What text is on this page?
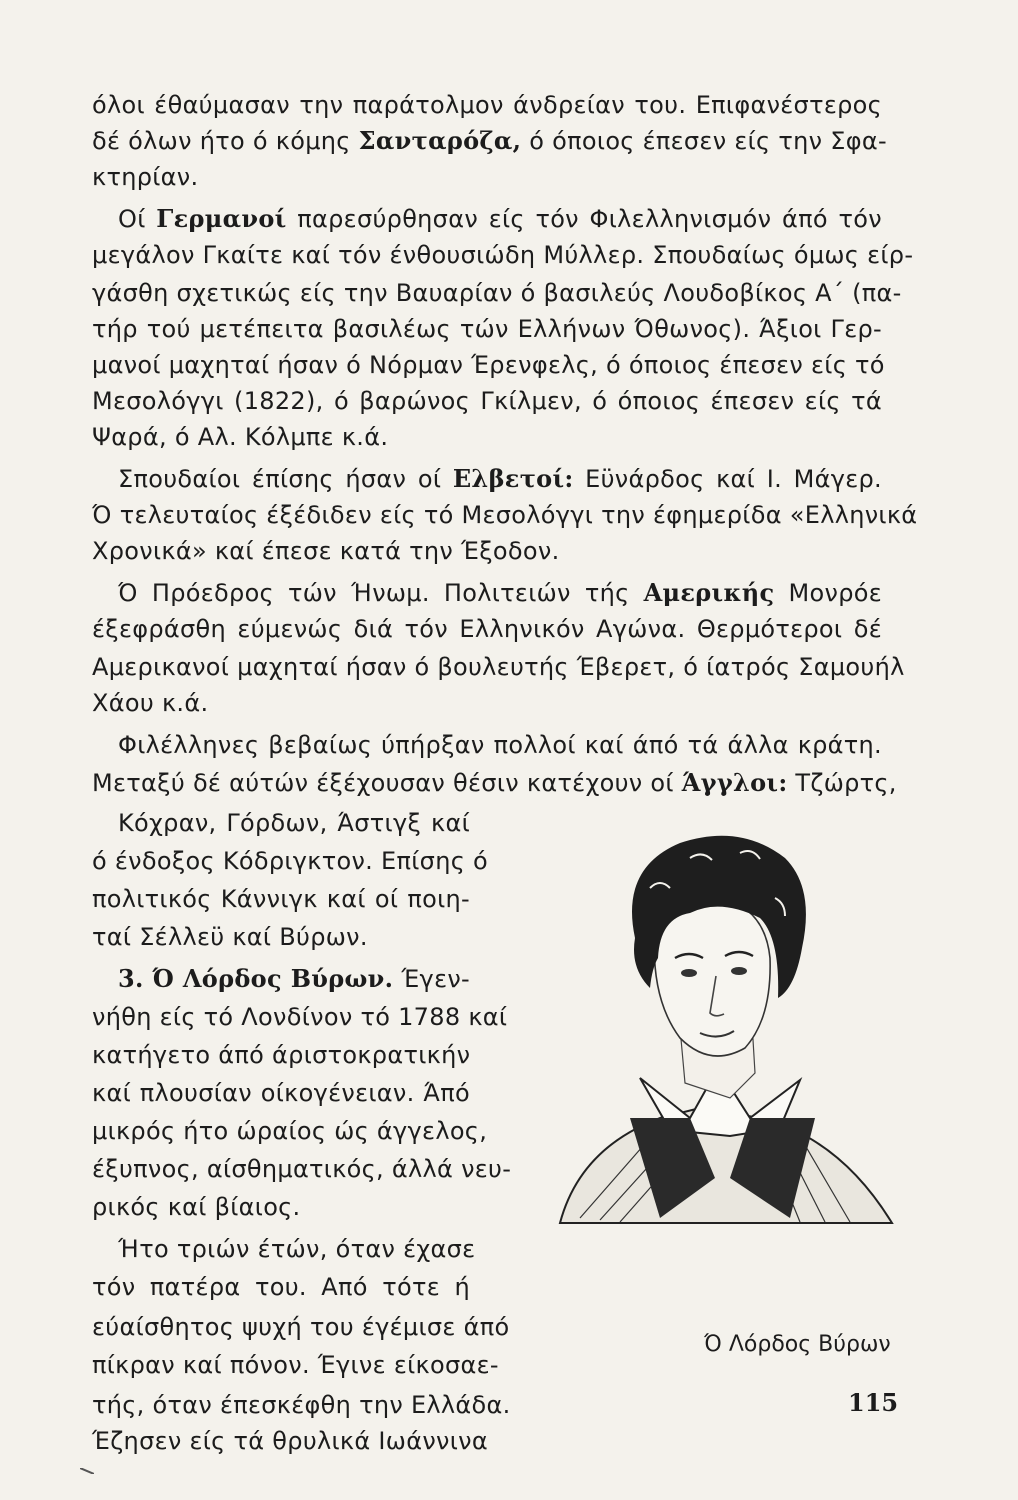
όλοι έθαύμασαν την παράτολμον άνδρείαν του. Επιφανέστερος
δέ όλων ήτο ό κόμης Σανταρόζα, ό όποιος έπεσεν είς την Σφα-
κτηρίαν.
Οί Γερμανοί παρεσύρθησαν είς τόν Φιλελληνισμόν άπό τόν
μεγάλον Γκαίτε καί τόν ένθουσιώδη Μύλλερ. Σπουδαίως όμως είρ-
γάσθη σχετικώς είς την Βαυαρίαν ό βασιλεύς Λουδοβίκος Α΄ (πα-
τήρ τού μετέπειτα βασιλέως τών Ελλήνων Όθωνος). Άξιοι Γερ-
μανοί μαχηταί ήσαν ό Νόρμαν Έρενφελς, ό όποιος έπεσεν είς τό
Μεσολόγγι (1822), ό βαρώνος Γκίλμεν, ό όποιος έπεσεν είς τά
Ψαρά, ό Αλ. Κόλμπε κ.ά.
Σπουδαίοι έπίσης ήσαν οί Ελβετοί: Εϋνάρδος καί Ι. Μάγερ.
Ό τελευταίος έξέδιδεν είς τό Μεσολόγγι την έφημερίδα «Ελληνικά
Χρονικά» καί έπεσε κατά την Έξοδον.
Ό Πρόεδρος τών Ήνωμ. Πολιτειών τής Αμερικής Μονρόε
έξεφράσθη εύμενώς διά τόν Ελληνικόν Αγώνα. Θερμότεροι δέ
Αμερικανοί μαχηταί ήσαν ό βουλευτής Έβερετ, ό ίατρός Σαμουήλ
Χάου κ.ά.
Φιλέλληνες βεβαίως ύπήρξαν πολλοί καί άπό τά άλλα κράτη.
Μεταξύ δέ αύτών έξέχουσαν θέσιν κατέχουν οί Άγγλοι: Τζώρτς,
Κόχραν, Γόρδων, Άστιγξ καί
ό ένδοξος Κόδριγκτον. Επίσης ό
πολιτικός Κάννιγκ καί οί ποιη-
ταί Σέλλεϋ καί Βύρων.
3. Ό Λόρδος Βύρων. Έγεν-
νήθη είς τό Λονδίνον τό 1788 καί
κατήγετο άπό άριστοκρατικήν
καί πλουσίαν οίκογένειαν. Άπό
μικρός ήτο ώραίος ώς άγγελος,
έξυπνος, αίσθηματικός, άλλά νευ-
ρικός καί βίαιος.
Ήτο τριών έτών, όταν έχασε
τόν πατέρα του. Από τότε ή
εύαίσθητος ψυχή του έγέμισε άπό
πίκραν καί πόνον. Έγινε είκοσαε-
τής, όταν έπεσκέφθη την Ελλάδα.
Έζησεν είς τά θρυλικά Ιωάννινα
Ό Λόρδος Βύρων
115
